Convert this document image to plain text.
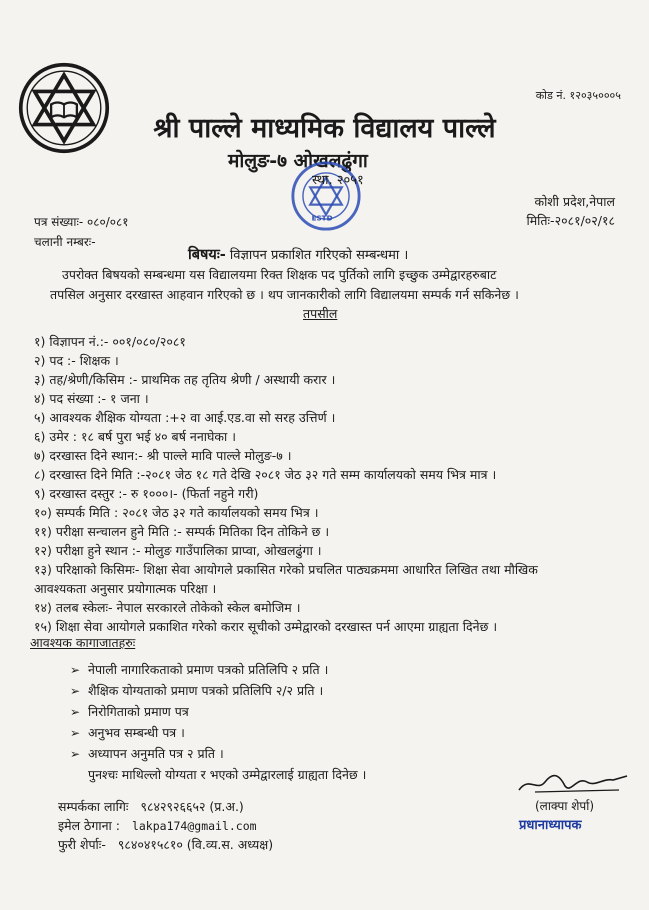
कोड नं. १२०३५०००५
श्री पाल्ले माध्यमिक विद्यालय पाल्ले
मोलुङ-७ ओखलढुंगा
ESTD
स्था. २०५१
कोशी प्रदेश,नेपाल
मितिः-२०८१/०२/१८
पत्र संख्याः- ०८०/०८१
चलानी नम्बरः-
बिषयः- विज्ञापन प्रकाशित गरिएको सम्बन्धमा ।
उपरोक्त बिषयको सम्बन्धमा यस विद्यालयमा रिक्त शिक्षक पद पुर्तिको लागि इच्छुक उम्मेद्वारहरुबाट
तपसिल अनुसार दरखास्त आहवान गरिएको छ । थप जानकारीको लागि विद्यालयमा सम्पर्क गर्न सकिनेछ ।
तपसील
१) विज्ञापन नं.:- ००१/०८०/२०८१
२) पद :- शिक्षक ।
३) तह/श्रेणी/किसिम :- प्राथमिक तह तृतिय श्रेणी / अस्थायी करार ।
४) पद संख्या :- १ जना ।
५) आवश्यक शैक्षिक योग्यता :+२ वा आई.एड.वा सो सरह उत्तिर्ण ।
६) उमेर : १८ बर्ष पुरा भई ४० बर्ष ननाघेका ।
७) दरखास्त दिने स्थान:- श्री पाल्ले मावि पाल्ले मोलुङ-७ ।
८) दरखास्त दिने मिति :-२०८१ जेठ १८ गते देखि २०८१ जेठ ३२ गते सम्म कार्यालयको समय भित्र मात्र ।
९) दरखास्त दस्तुर :- रु १०००।- (फिर्ता नहुने गरी)
१०) सम्पर्क मिति : २०८१ जेठ ३२ गते कार्यालयको समय भित्र ।
११) परीक्षा सन्चालन हुने मिति :- सम्पर्क मितिका दिन तोकिने छ ।
१२) परीक्षा हुने स्थान :- मोलुङ गाउँपालिका प्राप्वा, ओखलढुंगा ।
१३) परिक्षाको किसिमः- शिक्षा सेवा आयोगले प्रकासित गरेको प्रचलित पाठ्यक्रममा आधारित लिखित तथा मौखिक
आवश्यकता अनुसार प्रयोगात्मक परिक्षा ।
१४) तलब स्केलः- नेपाल सरकारले तोकेको स्केल बमोजिम ।
१५) शिक्षा सेवा आयोगले प्रकाशित गरेको करार सूचीको उम्मेद्वारको दरखास्त पर्न आएमा ग्राह्यता दिनेछ ।
आवश्यक कागाजातहरुः
➢ नेपाली नागारिकताको प्रमाण पत्रको प्रतिलिपि २ प्रति ।
➢ शैक्षिक योग्यताको प्रमाण पत्रको प्रतिलिपि २/२ प्रति ।
➢ निरोगिताको प्रमाण पत्र
➢ अनुभव सम्बन्धी पत्र ।
➢ अध्यापन अनुमति पत्र २ प्रति ।
पुनश्चः माथिल्लो योग्यता र भएको उम्मेद्वारलाई ग्राह्यता दिनेछ ।
सम्पर्कका लागिः ९८४२९२६६५२ (प्र.अ.)
इमेल ठेगाना : lakpa174@gmail.com
फुरी शेर्पाः- ९८४०४१५८१० (वि.व्य.स. अध्यक्ष)
(लाक्पा शेर्पा)
प्रधानाध्यापक
